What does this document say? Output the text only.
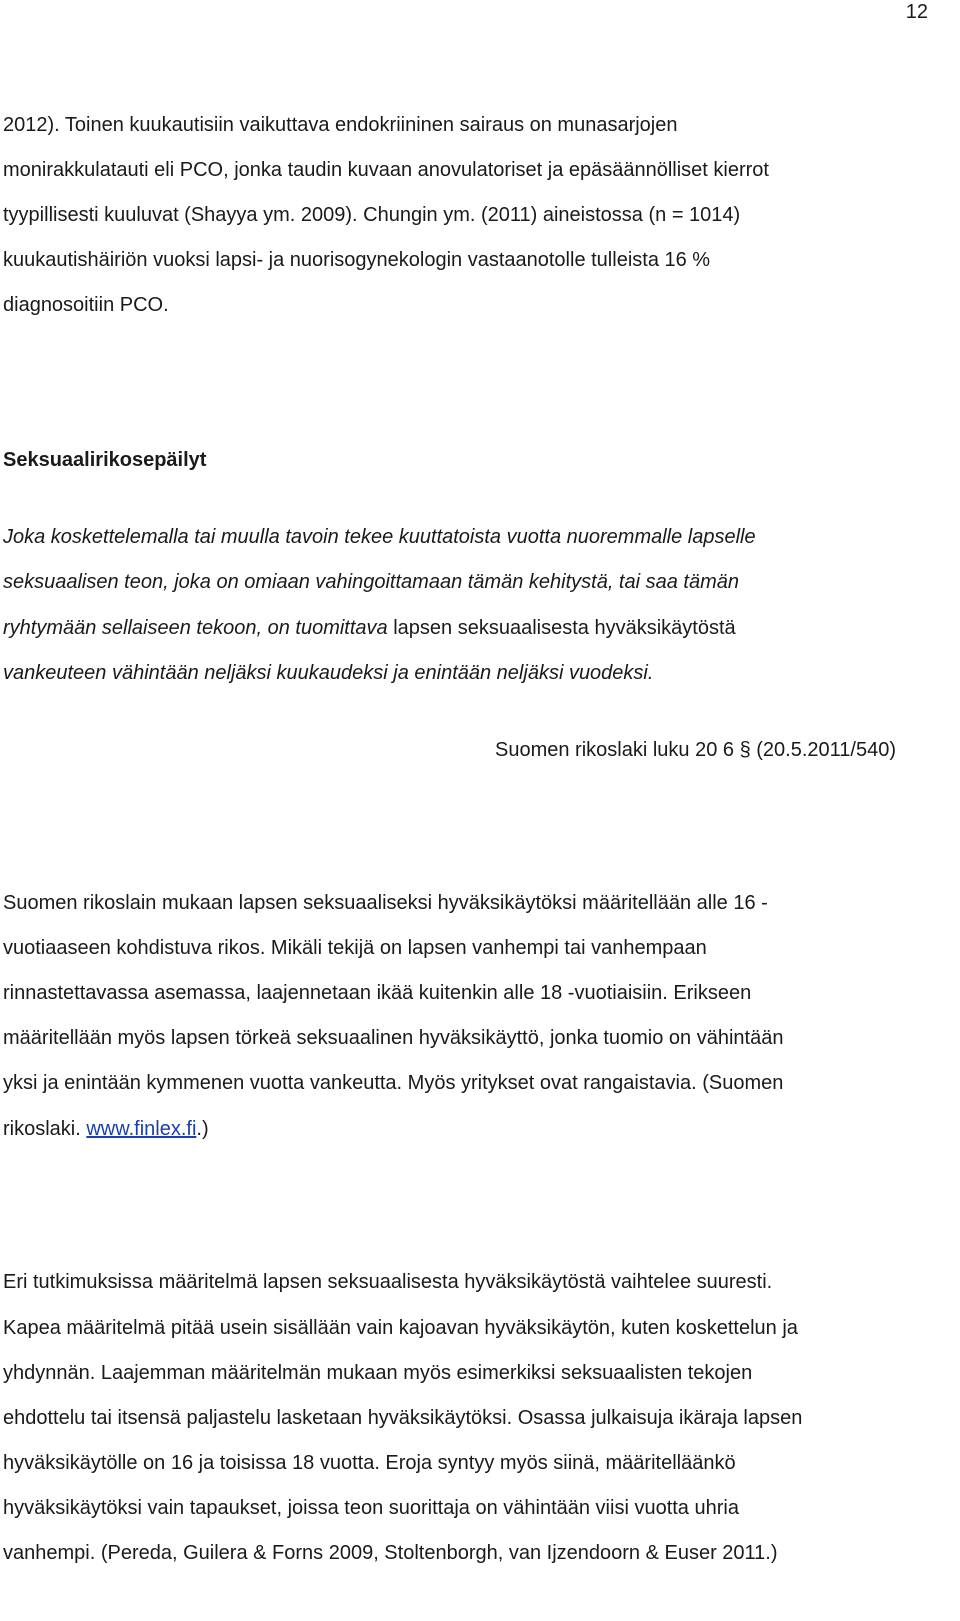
12
2012). Toinen kuukautisiin vaikuttava endokriininen sairaus on munasarjojen
monirakkulatauti eli PCO, jonka taudin kuvaan anovulatoriset ja epäsäännölliset kierrot
tyypillisesti kuuluvat (Shayya ym. 2009). Chungin ym. (2011) aineistossa (n = 1014)
kuukautishäiriön vuoksi lapsi- ja nuorisogynekologin vastaanotolle tulleista 16 %
diagnosoitiin PCO.
Seksuaalirikosepäilyt
Joka koskettelemalla tai muulla tavoin tekee kuuttatoista vuotta nuoremmalle lapselle
seksuaalisen teon, joka on omiaan vahingoittamaan tämän kehitystä, tai saa tämän
ryhtymään sellaiseen tekoon, on tuomittava lapsen seksuaalisesta hyväksikäytöstä
vankeuteen vähintään neljäksi kuukaudeksi ja enintään neljäksi vuodeksi.
Suomen rikoslaki luku 20 6 § (20.5.2011/540)
Suomen rikoslain mukaan lapsen seksuaaliseksi hyväksikäytöksi määritellään alle 16 -
vuotiaaseen kohdistuva rikos. Mikäli tekijä on lapsen vanhempi tai vanhempaan
rinnastettavassa asemassa, laajennetaan ikää kuitenkin alle 18 -vuotiaisiin. Erikseen
määritellään myös lapsen törkeä seksuaalinen hyväksikäyttö, jonka tuomio on vähintään
yksi ja enintään kymmenen vuotta vankeutta. Myös yritykset ovat rangaistavia. (Suomen
rikoslaki. www.finlex.fi.)
Eri tutkimuksissa määritelmä lapsen seksuaalisesta hyväksikäytöstä vaihtelee suuresti.
Kapea määritelmä pitää usein sisällään vain kajoavan hyväksikäytön, kuten koskettelun ja
yhdynnän. Laajemman määritelmän mukaan myös esimerkiksi seksuaalisten tekojen
ehdottelu tai itsensä paljastelu lasketaan hyväksikäytöksi. Osassa julkaisuja ikäraja lapsen
hyväksikäytölle on 16 ja toisissa 18 vuotta. Eroja syntyy myös siinä, määritelläänkö
hyväksikäytöksi vain tapaukset, joissa teon suorittaja on vähintään viisi vuotta uhria
vanhempi. (Pereda, Guilera & Forns 2009, Stoltenborgh, van Ijzendoorn & Euser 2011.)
